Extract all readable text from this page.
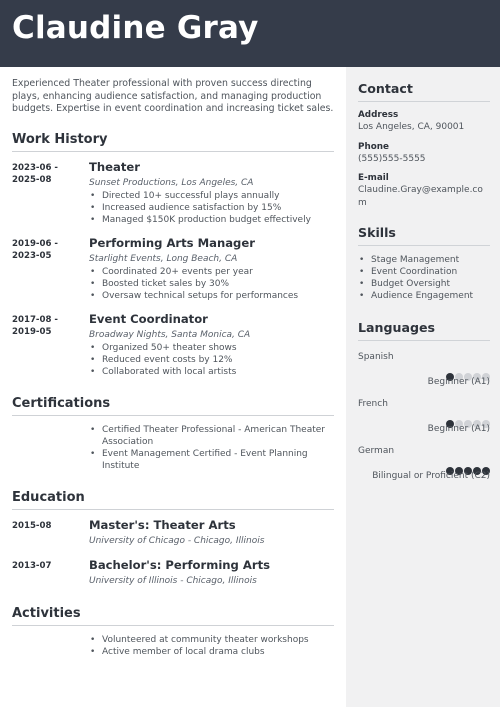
Claudine Gray
Contact
Address
Los Angeles, CA, 90001
Phone
(555)555-5555
E-mail
Claudine.Gray@example.com
Skills
• Stage Management
• Event Coordination
• Budget Oversight
• Audience Engagement
Languages
Spanish
Beginner (A1)
French
Beginner (A1)
German
Bilingual or Proficient (C2)

Experienced Theater professional with proven success directing plays, enhancing audience satisfaction, and managing production budgets. Expertise in event coordination and increasing ticket sales.

Work History
2023-06 -
2025-08
Theater
Sunset Productions, Los Angeles, CA
• Directed 10+ successful plays annually
• Increased audience satisfaction by 15%
• Managed $150K production budget effectively
2019-06 -
2023-05
Performing Arts Manager
Starlight Events, Long Beach, CA
• Coordinated 20+ events per year
• Boosted ticket sales by 30%
• Oversaw technical setups for performances
2017-08 -
2019-05
Event Coordinator
Broadway Nights, Santa Monica, CA
• Organized 50+ theater shows
• Reduced event costs by 12%
• Collaborated with local artists
Certifications
• Certified Theater Professional - American Theater Association
• Event Management Certified - Event Planning Institute
Education
2015-08	Master's: Theater Arts
University of Chicago - Chicago, Illinois
2013-07	Bachelor's: Performing Arts
University of Illinois - Chicago, Illinois
Activities
• Volunteered at community theater workshops
• Active member of local drama clubs
